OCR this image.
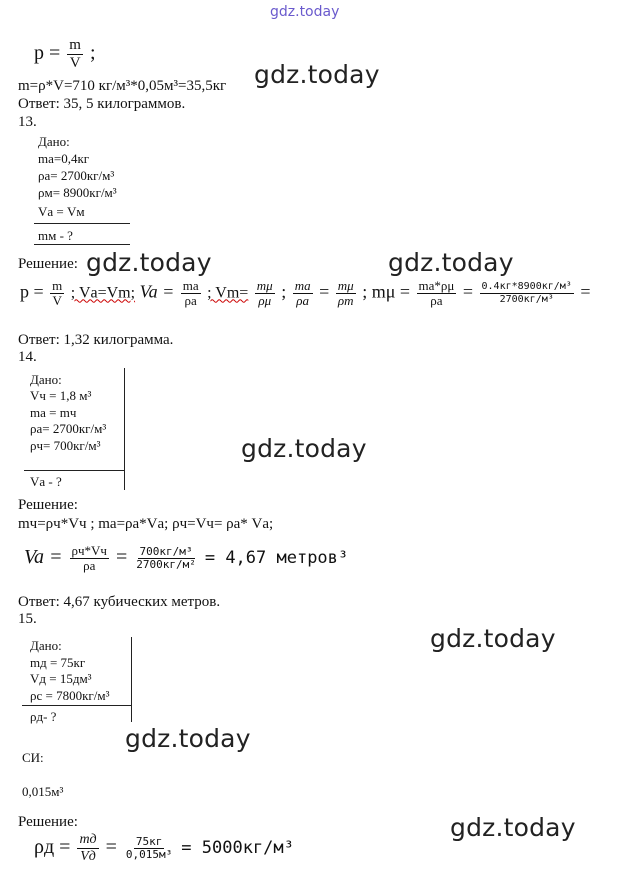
gdz.today
gdz.today
gdz.today	gdz.today
gdz.today
gdz.today
gdz.today
gdz.today
$p = \frac{m}{V}$ ;
m=ρ*V=710 кг/м³*0,05м³=35,5кг
Ответ: 35, 5 килограммов.
13.
Дано:
mа=0,4кг
ρа= 2700кг/м³
ρм= 8900кг/м³
Vа = Vм
mм - ?
Решение:
$p = \frac{m}{V}$ ; Vа=Vm; $Va = \frac{mа}{\rho а}$ ; $Vm= \frac{m\mu}{\rho\mu}$ ; $\frac{ma}{\rho a} = \frac{m\mu}{\rho m}$ ; $m\mu = \frac{mа*\rho\mu}{\rho а} = \frac{\text{0.4кг*8900кг/м³}}{\text{2700кг/м³}}$ =
Ответ: 1,32 килограмма.
14.
Дано:
Vч = 1,8 м³
mа = mч
ρа= 2700кг/м³
ρч= 700кг/м³
Vа - ?
Решение:
mч=ρч*Vч ; mа=ρа*Vа; ρч=Vч= ρа* Vа;
$Va = \frac{\rho ч*Vч}{\rho а} = \frac{\text{700кг/м³}}{\text{2700кг/м²}} = 4,67$ метров³
Ответ: 4,67 кубических метров.
15.
Дано:
mд = 75кг
Vд = 15дм³
ρс = 7800кг/м³
ρд- ?
СИ:
0,015м³
Решение:
$\rho д = \frac{mд}{Vд} = \frac{75кг}{\text{0,015м³}} = 5000кг/м^3$
